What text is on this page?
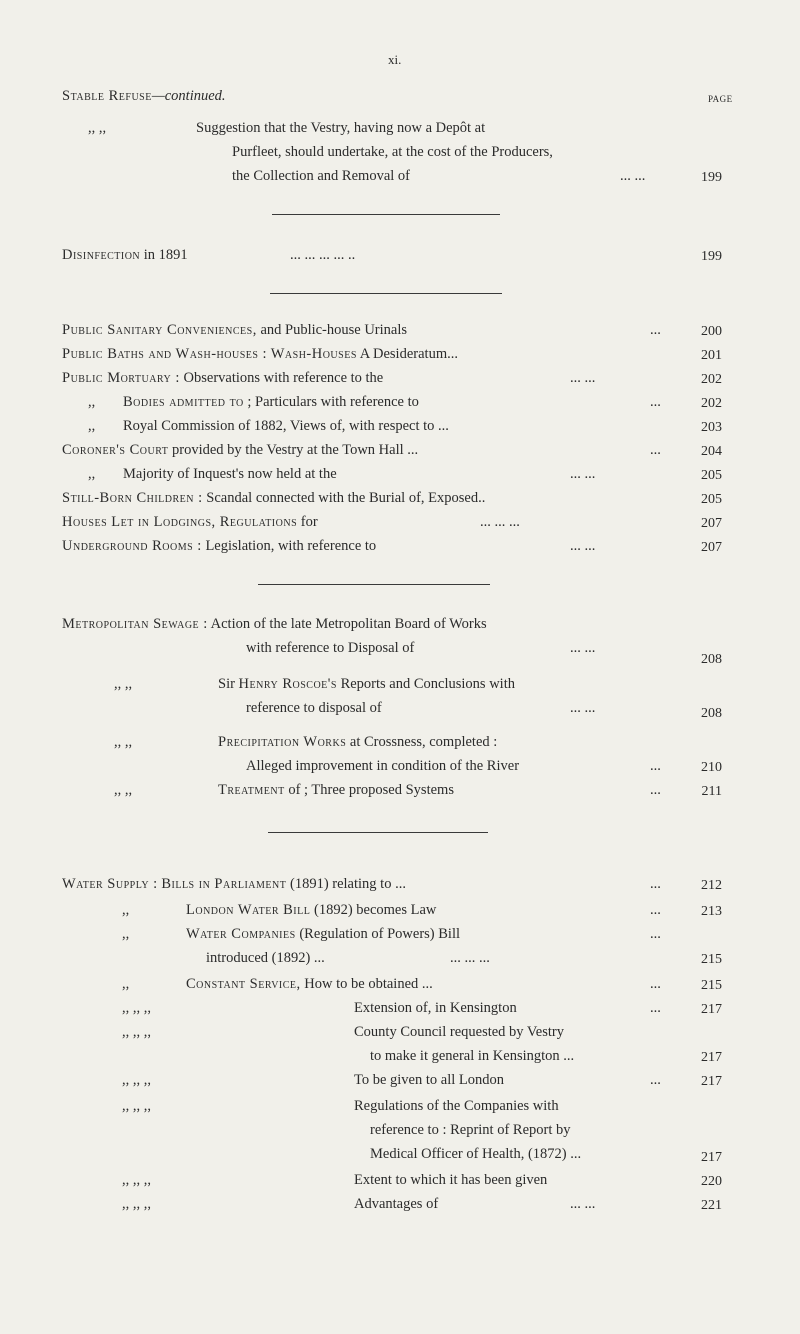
xi.
Stable Refuse—continued.	page
,, ,,	Suggestion that the Vestry, having now a Depôt at
Purfleet, should undertake, at the cost of the Producers,
the Collection and Removal of	... ...	199
Disinfection in 1891	... ... ... ... ..	199
Public Sanitary Conveniences, and Public-house Urinals	...	200
Public Baths and Wash-houses : Wash-Houses A Desideratum...	201
Public Mortuary : Observations with reference to the	... ...	202
,, Bodies admitted to ; Particulars with reference to	...	202
,, Royal Commission of 1882, Views of, with respect to ...	203
Coroner's Court provided by the Vestry at the Town Hall ...	...	204
,, Majority of Inquest's now held at the	... ...	205
Still-Born Children : Scandal connected with the Burial of, Exposed..	205
Houses Let in Lodgings, Regulations for	... ... ...	207
Underground Rooms : Legislation, with reference to	... ...	207
Metropolitan Sewage : Action of the late Metropolitan Board of Works
with reference to Disposal of	... ...
208
,, ,,	Sir Henry Roscoe's Reports and Conclusions with
reference to disposal of	... ...	208
,, ,,	Precipitation Works at Crossness, completed :
Alleged improvement in condition of the River	...	210
,, ,,	Treatment of ; Three proposed Systems	...	211
Water Supply : Bills in Parliament (1891) relating to ...	...	212
,,	London Water Bill (1892) becomes Law	...	213
,,	Water Companies (Regulation of Powers) Bill	...
introduced (1892) ...	... ... ...	215
,,	Constant Service, How to be obtained ...	...	215
,, ,, ,,	Extension of, in Kensington	...	217
,, ,, ,,	County Council requested by Vestry
to make it general in Kensington ...	217
,, ,, ,,	To be given to all London	...	217
,, ,, ,,	Regulations of the Companies with
reference to : Reprint of Report by
Medical Officer of Health, (1872) ...	217
,, ,, ,,	Extent to which it has been given	220
,, ,, ,,	Advantages of	... ...	221
